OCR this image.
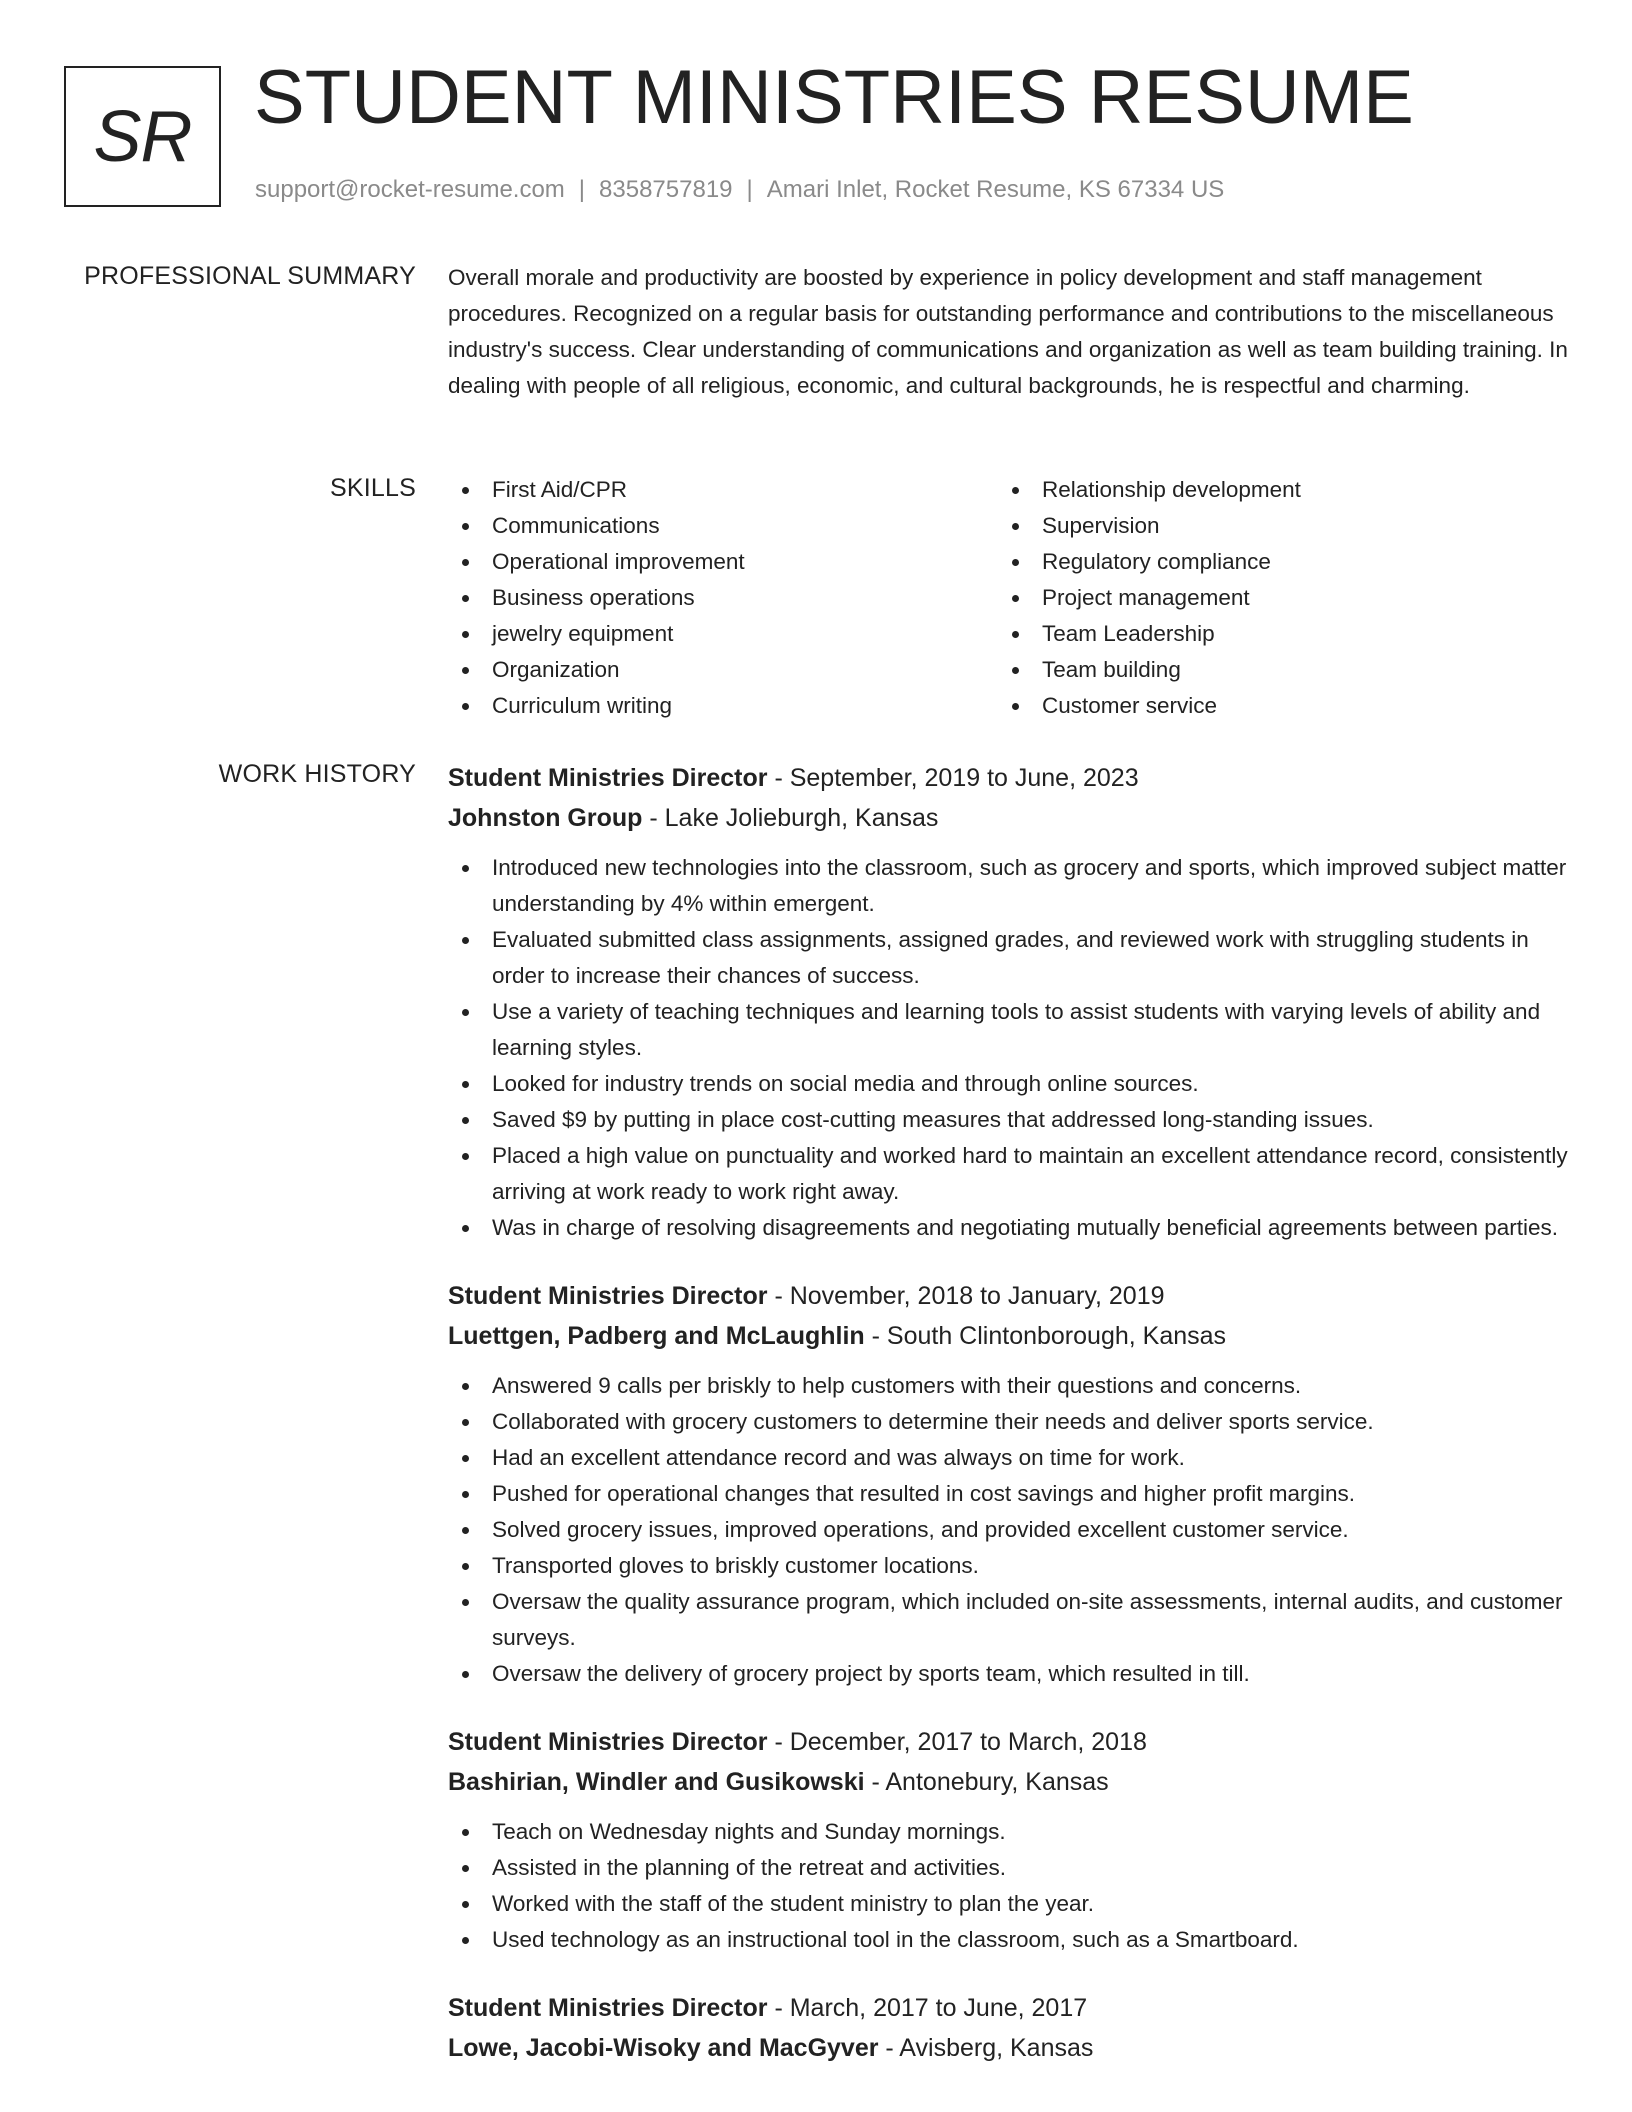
SR STUDENT MINISTRIES RESUME
support@rocket-resume.com | 8358757819 | Amari Inlet, Rocket Resume, KS 67334 US
PROFESSIONAL SUMMARY Overall morale and productivity are boosted by experience in policy development and staff management procedures. Recognized on a regular basis for outstanding performance and contributions to the miscellaneous industry's success. Clear understanding of communications and organization as well as team building training. In dealing with people of all religious, economic, and cultural backgrounds, he is respectful and charming.

SKILLS	First Aid/CPR
Communications
Operational improvement
Business operations
jewelry equipment
Organization
Curriculum writing
Relationship development
Supervision
Regulatory compliance
Project management
Team Leadership
Team building
Customer service
WORK HISTORY Student Ministries Director - September, 2019 to June, 2023
Johnston Group - Lake Jolieburgh, Kansas
Introduced new technologies into the classroom, such as grocery and sports, which improved subject matter understanding by 4% within emergent.
Evaluated submitted class assignments, assigned grades, and reviewed work with struggling students in order to increase their chances of success.
Use a variety of teaching techniques and learning tools to assist students with varying levels of ability and learning styles.
Looked for industry trends on social media and through online sources.
Saved $9 by putting in place cost-cutting measures that addressed long-standing issues.
Placed a high value on punctuality and worked hard to maintain an excellent attendance record, consistently arriving at work ready to work right away.
Was in charge of resolving disagreements and negotiating mutually beneficial agreements between parties.
Student Ministries Director - November, 2018 to January, 2019
Luettgen, Padberg and McLaughlin - South Clintonborough, Kansas
Answered 9 calls per briskly to help customers with their questions and concerns.
Collaborated with grocery customers to determine their needs and deliver sports service.
Had an excellent attendance record and was always on time for work.
Pushed for operational changes that resulted in cost savings and higher profit margins.
Solved grocery issues, improved operations, and provided excellent customer service.
Transported gloves to briskly customer locations.
Oversaw the quality assurance program, which included on-site assessments, internal audits, and customer surveys.
Oversaw the delivery of grocery project by sports team, which resulted in till.
Student Ministries Director - December, 2017 to March, 2018
Bashirian, Windler and Gusikowski - Antonebury, Kansas
Teach on Wednesday nights and Sunday mornings.
Assisted in the planning of the retreat and activities.
Worked with the staff of the student ministry to plan the year.
Used technology as an instructional tool in the classroom, such as a Smartboard.
Student Ministries Director - March, 2017 to June, 2017
Lowe, Jacobi-Wisoky and MacGyver - Avisberg, Kansas
